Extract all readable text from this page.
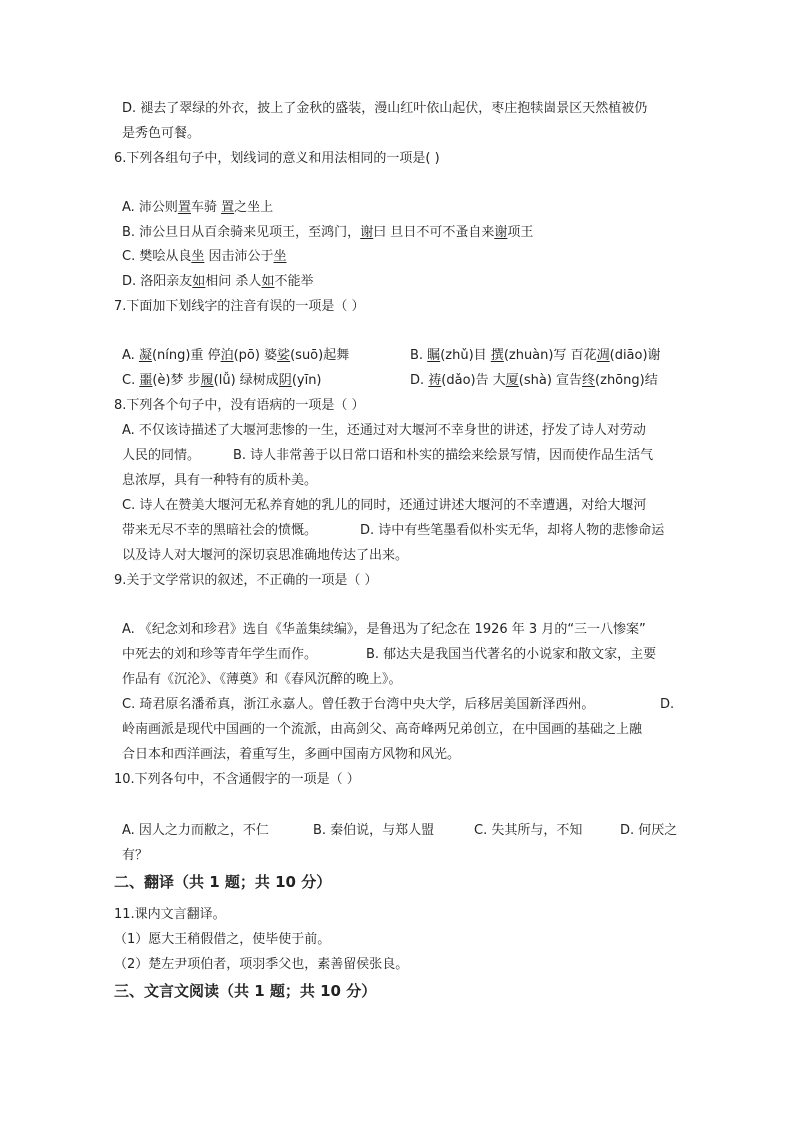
D. 褪去了翠绿的外衣，披上了金秋的盛装，漫山红叶依山起伏，枣庄抱犊崮景区天然植被仍
是秀色可餐。
6.下列各组句子中，划线词的意义和用法相同的一项是( )
A. 沛公则置车骑 置之坐上
B. 沛公旦日从百余骑来见项王，至鸿门，谢曰 旦日不可不蚤自来谢项王
C. 樊哙从良坐 因击沛公于坐
D. 洛阳亲友如相问 杀人如不能举
7.下面加下划线字的注音有误的一项是（ ）
A. 凝(níng)重 停泊(pō) 婆娑(suō)起舞	B. 瞩(zhǔ)目 撰(zhuàn)写 百花凋(diāo)谢
C. 噩(è)梦 步履(lǚ) 绿树成阴(yīn)	D. 祷(dǎo)告 大厦(shà) 宣告终(zhōng)结
8.下列各个句子中，没有语病的一项是（ ）
A. 不仅该诗描述了大堰河悲惨的一生，还通过对大堰河不幸身世的讲述，抒发了诗人对劳动
人民的同情。	B. 诗人非常善于以日常口语和朴实的描绘来绘景写情，因而使作品生活气
息浓厚，具有一种特有的质朴美。
C. 诗人在赞美大堰河无私养育她的乳儿的同时，还通过讲述大堰河的不幸遭遇，对给大堰河
带来无尽不幸的黑暗社会的愤慨。	D. 诗中有些笔墨看似朴实无华，却将人物的悲惨命运
以及诗人对大堰河的深切哀思准确地传达了出来。
9.关于文学常识的叙述，不正确的一项是（ ）
A. 《纪念刘和珍君》选自《华盖集续编》，是鲁迅为了纪念在 1926 年 3 月的“三一八惨案”
中死去的刘和珍等青年学生而作。	B. 郁达夫是我国当代著名的小说家和散文家，主要
作品有《沉沦》、《薄奠》和《春风沉醉的晚上》。
C. 琦君原名潘希真，浙江永嘉人。曾任教于台湾中央大学，后移居美国新泽西州。	D.
岭南画派是现代中国画的一个流派，由高剑父、高奇峰两兄弟创立，在中国画的基础之上融
合日本和西洋画法，着重写生，多画中国南方风物和风光。
10.下列各句中，不含通假字的一项是（ ）
A. 因人之力而敝之，不仁	B. 秦伯说，与郑人盟	C. 失其所与，不知	D. 何厌之
有？
二、翻译（共 1 题；共 10 分）
11.课内文言翻译。
（1）愿大王稍假借之，使毕使于前。
（2）楚左尹项伯者，项羽季父也，素善留侯张良。
三、文言文阅读（共 1 题；共 10 分）
